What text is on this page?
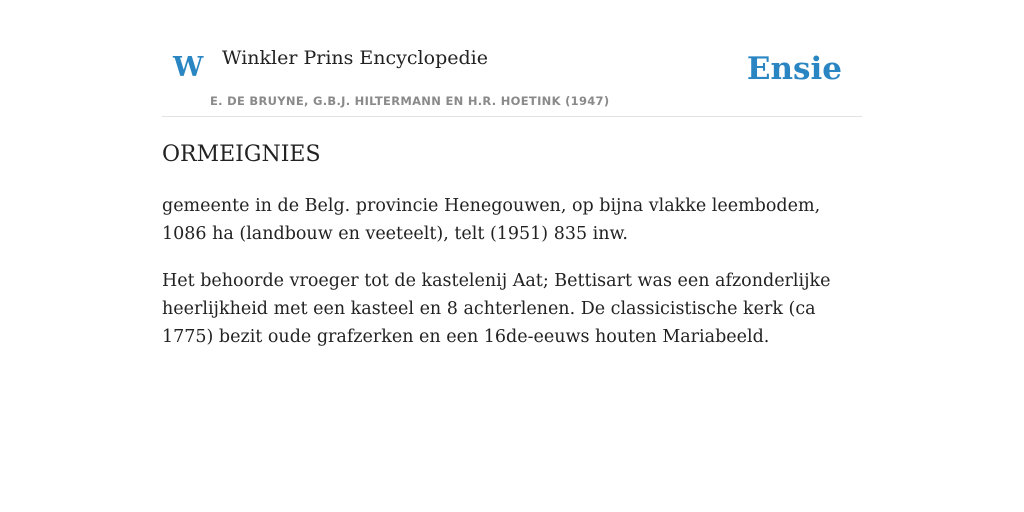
W Winkler Prins Encyclopedie
E. DE BRUYNE, G.B.J. HILTERMANN EN H.R. HOETINK (1947)
Ensie
ORMEIGNIES

gemeente in de Belg. provincie Henegouwen, op bijna vlakke leembodem, 1086 ha (landbouw en veeteelt), telt (1951) 835 inw.

Het behoorde vroeger tot de kastelenij Aat; Bettisart was een afzonderlijke heerlijkheid met een kasteel en 8 achterlenen. De classicistische kerk (ca 1775) bezit oude grafzerken en een 16de-eeuws houten Mariabeeld.
